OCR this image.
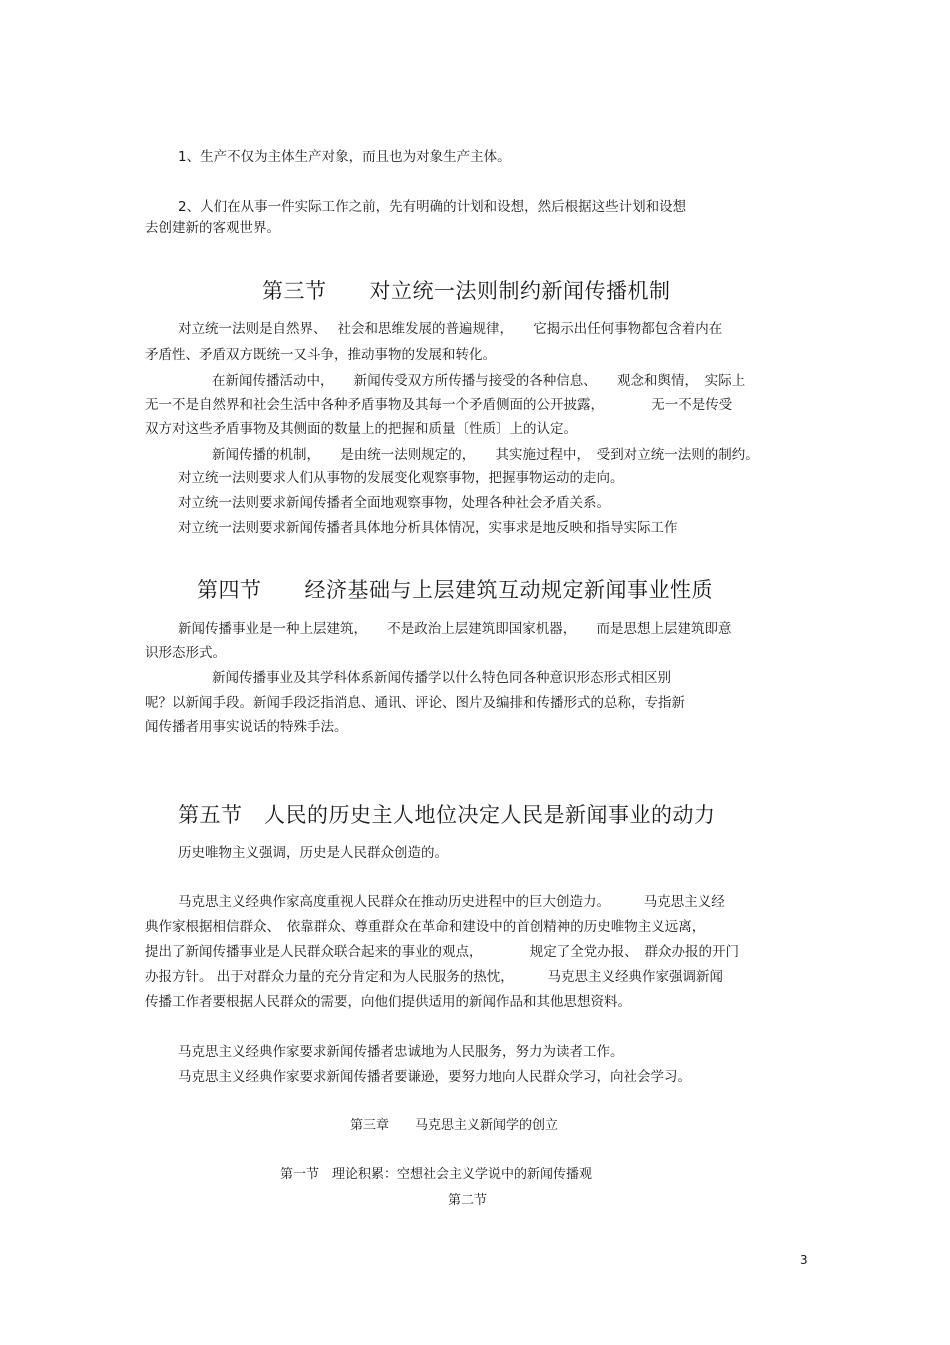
1、生产不仅为主体生产对象，而且也为对象生产主体。
2、人们在从事一件实际工作之前，先有明确的计划和设想，然后根据这些计划和设想
去创建新的客观世界。
第三节　　对立统一法则制约新闻传播机制
对立统一法则是自然界、　 社会和思维发展的普遍规律，　　它揭示出任何事物都包含着内在
矛盾性、矛盾双方既统一又斗争，推动事物的发展和转化。
在新闻传播活动中，　　新闻传受双方所传播与接受的各种信息、　　观念和舆情，　实际上
无一不是自然界和社会生活中各种矛盾事物及其每一个矛盾侧面的公开披露，　　　　无一不是传受
双方对这些矛盾事物及其侧面的数量上的把握和质量〔性质〕上的认定。
新闻传播的机制，　　是由统一法则规定的，　　其实施过程中，　受到对立统一法则的制约。
对立统一法则要求人们从事物的发展变化观察事物，把握事物运动的走向。
对立统一法则要求新闻传播者全面地观察事物，处理各种社会矛盾关系。
对立统一法则要求新闻传播者具体地分析具体情况，实事求是地反映和指导实际工作
第四节　　经济基础与上层建筑互动规定新闻事业性质
新闻传播事业是一种上层建筑，　　不是政治上层建筑即国家机器，　　而是思想上层建筑即意
识形态形式。
新闻传播事业及其学科体系新闻传播学以什么特色同各种意识形态形式相区别
呢？以新闻手段。新闻手段泛指消息、通讯、评论、图片及编排和传播形式的总称，专指新
闻传播者用事实说话的特殊手法。
第五节　人民的历史主人地位决定人民是新闻事业的动力
历史唯物主义强调，历史是人民群众创造的。
马克思主义经典作家高度重视人民群众在推动历史进程中的巨大创造力。　　　马克思主义经
典作家根据相信群众、　依靠群众、尊重群众在革命和建设中的首创精神的历史唯物主义远离，
提出了新闻传播事业是人民群众联合起来的事业的观点，　　　　规定了全党办报、　群众办报的开门
办报方针。 出于对群众力量的充分肯定和为人民服务的热忱，　　　马克思主义经典作家强调新闻
传播工作者要根据人民群众的需要，向他们提供适用的新闻作品和其他思想资料。
马克思主义经典作家要求新闻传播者忠诚地为人民服务，努力为读者工作。
马克思主义经典作家要求新闻传播者要谦逊，要努力地向人民群众学习，向社会学习。
第三章　　马克思主义新闻学的创立
第一节　理论积累：空想社会主义学说中的新闻传播观
第二节
3
